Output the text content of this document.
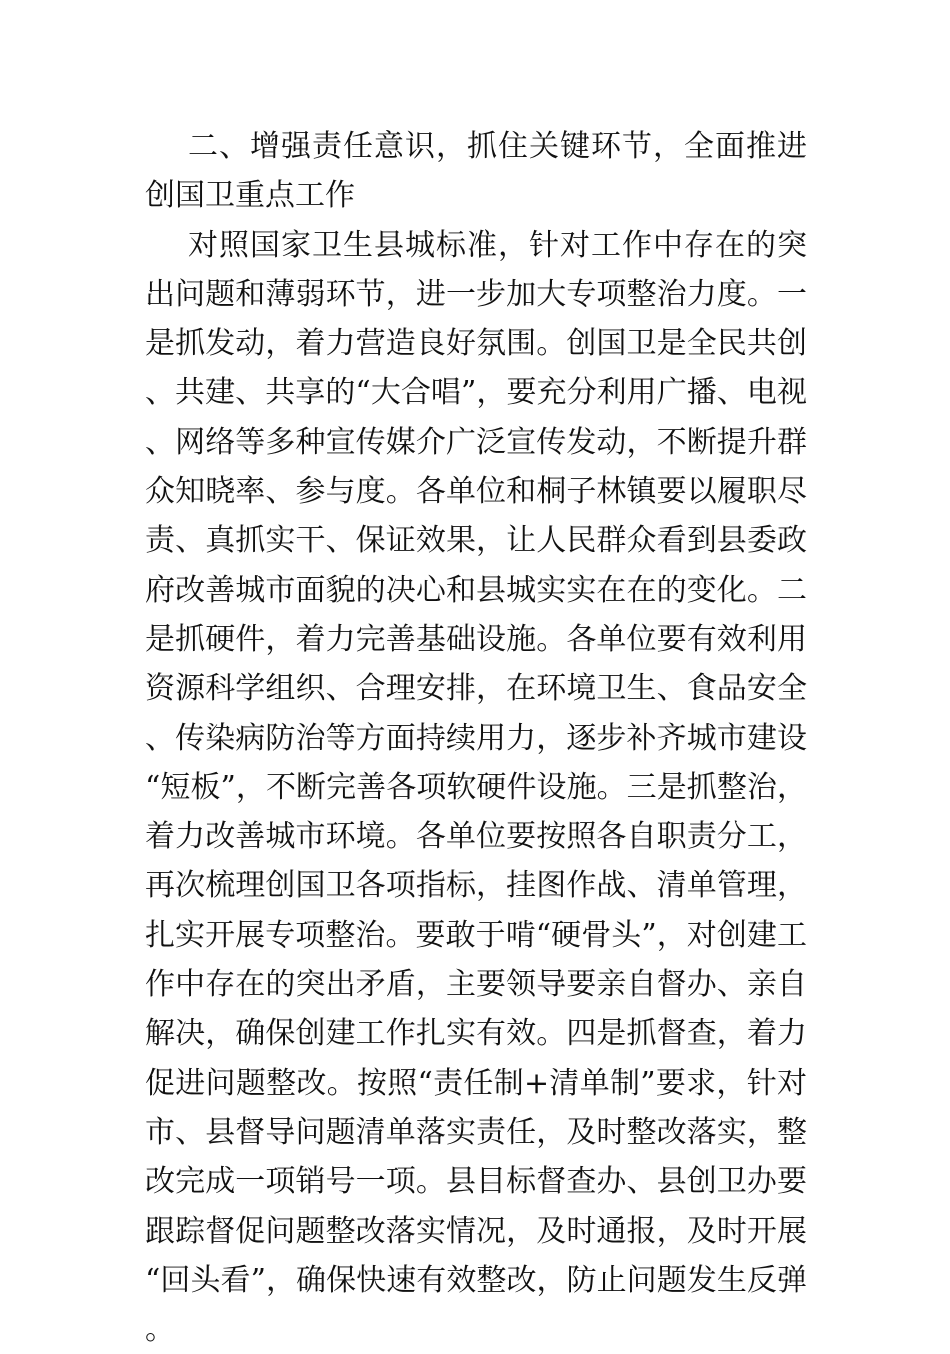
二、增强责任意识，抓住关键环节，全面推进创国卫重点工作

对照国家卫生县城标准，针对工作中存在的突出问题和薄弱环节，进一步加大专项整治力度。一是抓发动，着力营造良好氛围。创国卫是全民共创、共建、共享的“大合唱”，要充分利用广播、电视、网络等多种宣传媒介广泛宣传发动，不断提升群众知晓率、参与度。各单位和桐子林镇要以履职尽责、真抓实干、保证效果，让人民群众看到县委政府改善城市面貌的决心和县城实实在在的变化。二是抓硬件，着力完善基础设施。各单位要有效利用资源科学组织、合理安排，在环境卫生、食品安全、传染病防治等方面持续用力，逐步补齐城市建设“短板”，不断完善各项软硬件设施。三是抓整治，着力改善城市环境。各单位要按照各自职责分工，再次梳理创国卫各项指标，挂图作战、清单管理，扎实开展专项整治。要敢于啃“硬骨头”，对创建工作中存在的突出矛盾，主要领导要亲自督办、亲自解决，确保创建工作扎实有效。四是抓督查，着力促进问题整改。按照“责任制+清单制”要求，针对市、县督导问题清单落实责任，及时整改落实，整改完成一项销号一项。县目标督查办、县创卫办要跟踪督促问题整改落实情况，及时通报，及时开展“回头看”，确保快速有效整改，防止问题发生反弹。
